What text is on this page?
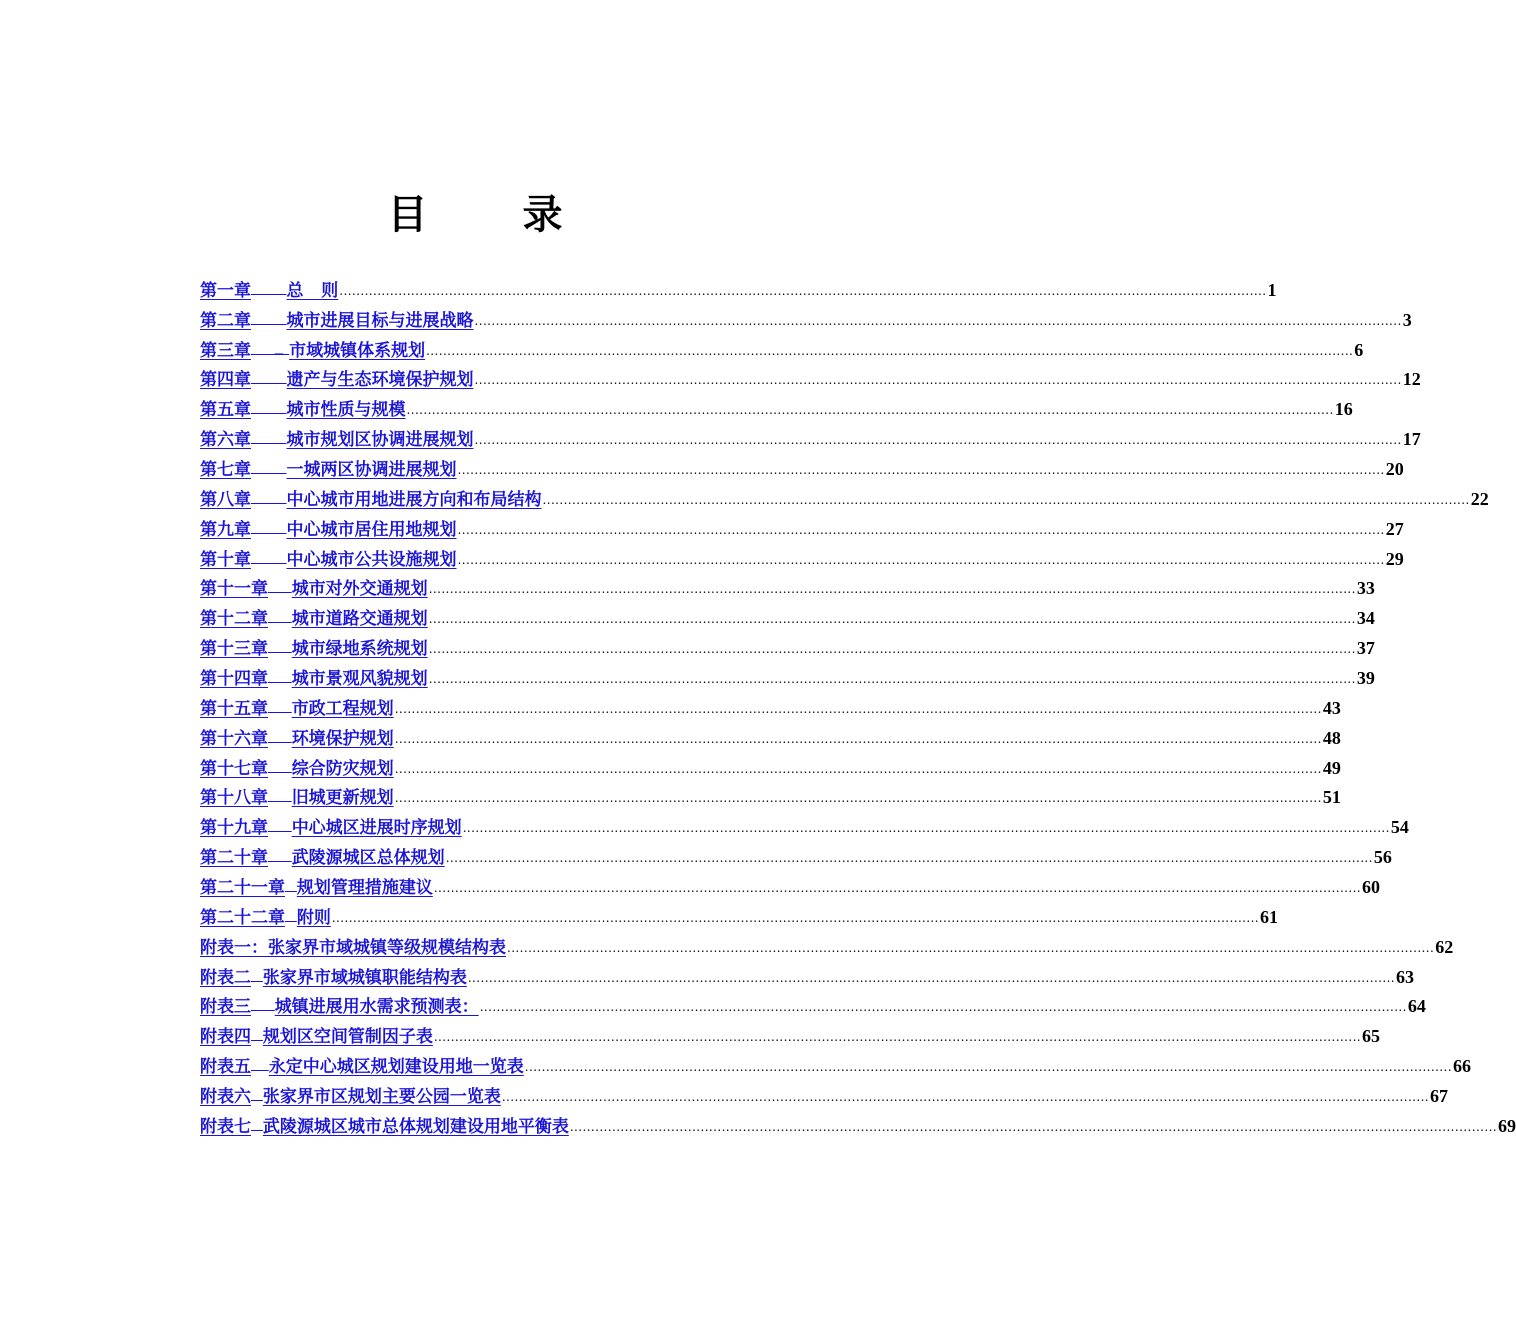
目 录
第一章
总   则 ............................................................................................................................................................................................................................ 1
第二章
城市进展目标与进展战略 ............................................................................................................................................................................................................................ 3
第三章 _ 市域城镇体系规划 ............................................................................................................................................................................................................................ 6
第四章
遗产与生态环境保护规划 ............................................................................................................................................................................................................................ 12
第五章
城市性质与规模 ............................................................................................................................................................................................................................ 16
第六章
城市规划区协调进展规划 ............................................................................................................................................................................................................................ 17
第七章
一城两区协调进展规划 ............................................................................................................................................................................................................................ 20
第八章
中心城市用地进展方向和布局结构 ............................................................................................................................................................................................................................ 22
第九章
中心城市居住用地规划 ............................................................................................................................................................................................................................ 27
第十章
中心城市公共设施规划 ............................................................................................................................................................................................................................ 29
第十一章
城市对外交通规划 ............................................................................................................................................................................................................................ 33
第十二章
城市道路交通规划 ............................................................................................................................................................................................................................ 34
第十三章
城市绿地系统规划 ............................................................................................................................................................................................................................ 37
第十四章
城市景观风貌规划 ............................................................................................................................................................................................................................ 39
第十五章
市政工程规划 ............................................................................................................................................................................................................................ 43
第十六章
环境保护规划 ............................................................................................................................................................................................................................ 48
第十七章
综合防灾规划 ............................................................................................................................................................................................................................ 49
第十八章
旧城更新规划 ............................................................................................................................................................................................................................ 51
第十九章
中心城区进展时序规划 ............................................................................................................................................................................................................................ 54
第二十章
武陵源城区总体规划 ............................................................................................................................................................................................................................ 56
第二十一章
规划管理措施建议 ............................................................................................................................................................................................................................ 60
第二十二章
附则 ............................................................................................................................................................................................................................ 61
附表一： 张家界市域城镇等级规模结构表 ............................................................................................................................................................................................................................ 62
附表二
张家界市域城镇职能结构表 ............................................................................................................................................................................................................................ 63
附表三
城镇进展用水需求预测表： ............................................................................................................................................................................................................................ 64
附表四
规划区空间管制因子表 ............................................................................................................................................................................................................................ 65
附表五
永定中心城区规划建设用地一览表 ............................................................................................................................................................................................................................ 66
附表六
张家界市区规划主要公园一览表 ............................................................................................................................................................................................................................ 67
附表七
武陵源城区城市总体规划建设用地平衡表 ............................................................................................................................................................................................................................ 69
